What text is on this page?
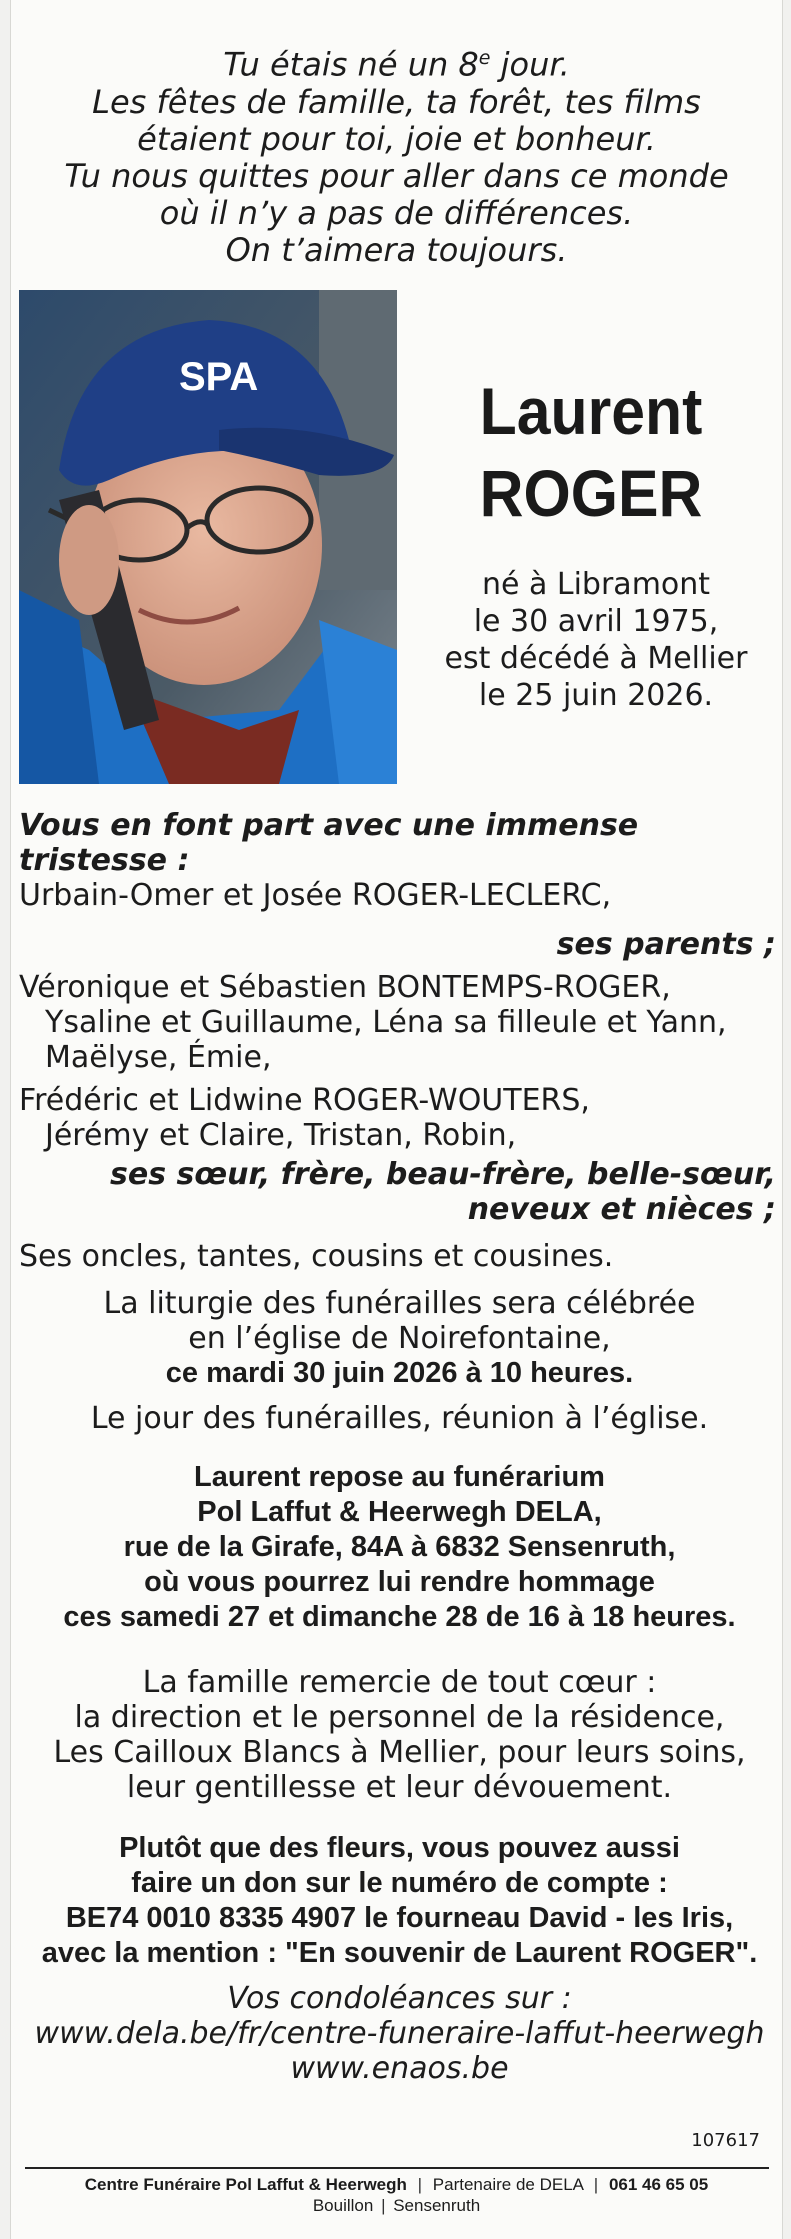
Tu étais né un 8e jour.
Les fêtes de famille, ta forêt, tes films
étaient pour toi, joie et bonheur.
Tu nous quittes pour aller dans ce monde
où il n’y a pas de différences.
On t’aimera toujours.
SPA	Laurent
ROGER
né à Libramont
le 30 avril 1975,
est décédé à Mellier
le 25 juin 2026.

Vous en font part avec une immense tristesse :

Urbain-Omer et Josée ROGER-LECLERC,

ses parents ;

Véronique et Sébastien BONTEMPS-ROGER,

Ysaline et Guillaume, Léna sa filleule et Yann,

Maëlyse, Émie,

Frédéric et Lidwine ROGER-WOUTERS,

Jérémy et Claire, Tristan, Robin,

ses sœur, frère, beau-frère, belle-sœur,

neveux et nièces ;

Ses oncles, tantes, cousins et cousines.

La liturgie des funérailles sera célébrée
en l’église de Noirefontaine,
ce mardi 30 juin 2026 à 10 heures.
Le jour des funérailles, réunion à l’église.
Laurent repose au funérarium
Pol Laffut & Heerwegh DELA,
rue de la Girafe, 84A à 6832 Sensenruth,
où vous pourrez lui rendre hommage
ces samedi 27 et dimanche 28 de 16 à 18 heures.
La famille remercie de tout cœur :
la direction et le personnel de la résidence,
Les Cailloux Blancs à Mellier, pour leurs soins,
leur gentillesse et leur dévouement.
Plutôt que des fleurs, vous pouvez aussi
faire un don sur le numéro de compte :
BE74 0010 8335 4907 le fourneau David - les Iris,
avec la mention : "En souvenir de Laurent ROGER".
Vos condoléances sur :
www.dela.be/fr/centre-funeraire-laffut-heerwegh
www.enaos.be
107617
Centre Funéraire Pol Laffut & Heerwegh | Partenaire de DELA | 061 46 65 05
Bouillon | Sensenruth
